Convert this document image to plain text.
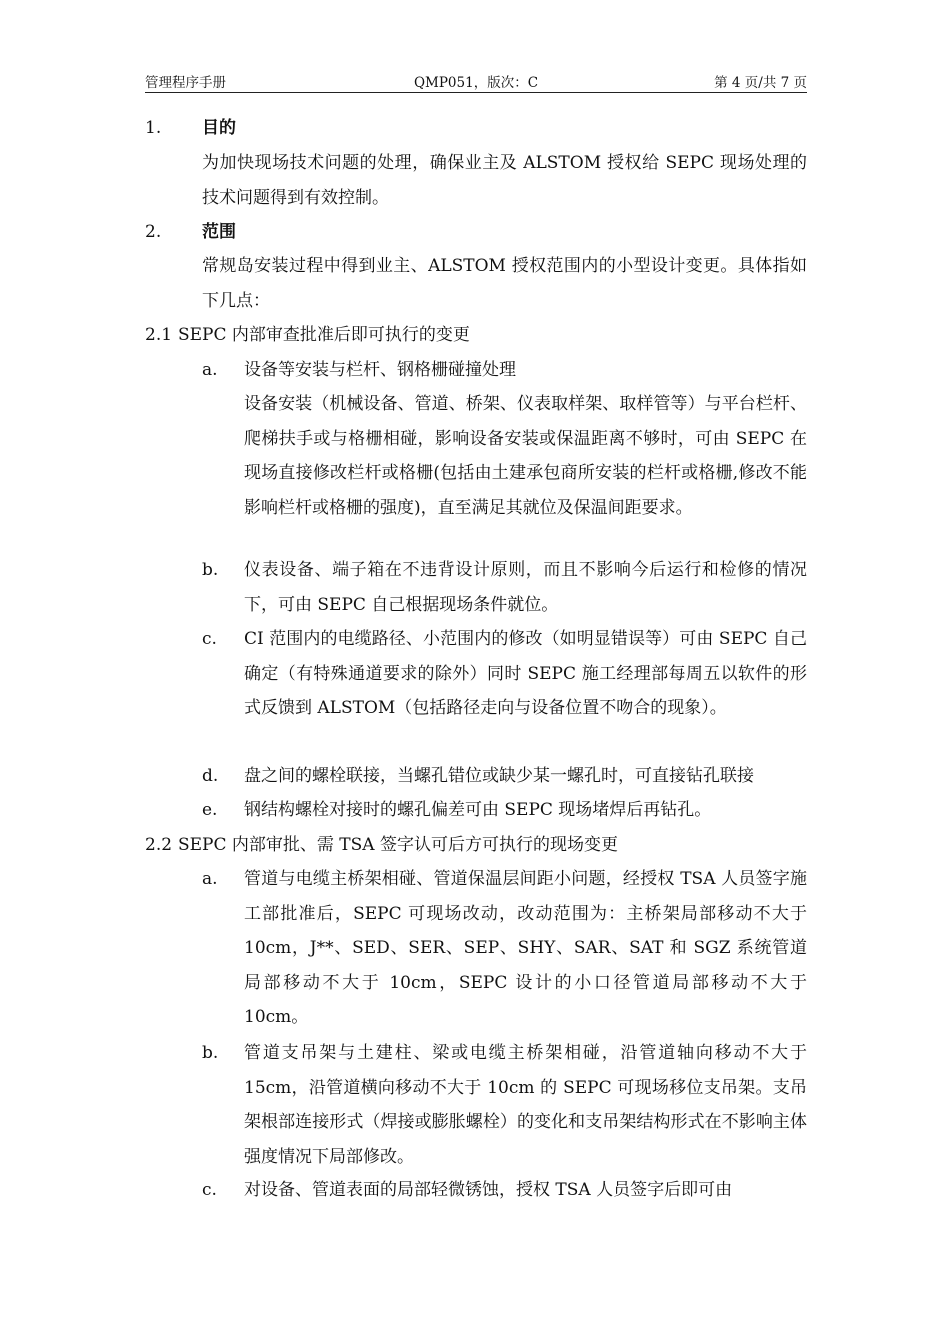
管理程序手册	QMP051，版次：C	第 4 页/共 7 页
1. 目的
为加快现场技术问题的处理，确保业主及 ALSTOM 授权给 SEPC 现场处理的技术问题得到有效控制。
2. 范围
常规岛安装过程中得到业主、ALSTOM 授权范围内的小型设计变更。具体指如下几点：
2.1 SEPC 内部审查批准后即可执行的变更
a. 设备等安装与栏杆、钢格栅碰撞处理
设备安装（机械设备、管道、桥架、仪表取样架、取样管等）与平台栏杆、爬梯扶手或与格栅相碰，影响设备安装或保温距离不够时，可由 SEPC 在现场直接修改栏杆或格栅(包括由土建承包商所安装的栏杆或格栅,修改不能影响栏杆或格栅的强度)，直至满足其就位及保温间距要求。
b. 仪表设备、端子箱在不违背设计原则，而且不影响今后运行和检修的情况下，可由 SEPC 自己根据现场条件就位。
c. CI 范围内的电缆路径、小范围内的修改（如明显错误等）可由 SEPC 自己确定（有特殊通道要求的除外）同时 SEPC 施工经理部每周五以软件的形式反馈到 ALSTOM（包括路径走向与设备位置不吻合的现象）。
d. 盘之间的螺栓联接，当螺孔错位或缺少某一螺孔时，可直接钻孔联接
e. 钢结构螺栓对接时的螺孔偏差可由 SEPC 现场堵焊后再钻孔。
2.2 SEPC 内部审批、需 TSA 签字认可后方可执行的现场变更
a. 管道与电缆主桥架相碰、管道保温层间距小问题，经授权 TSA 人员签字施工部批准后，SEPC 可现场改动，改动范围为：主桥架局部移动不大于 10cm，J**、SED、SER、SEP、SHY、SAR、SAT 和 SGZ 系统管道局部移动不大于 10cm，SEPC 设计的小口径管道局部移动不大于 10cm。
b. 管道支吊架与土建柱、梁或电缆主桥架相碰，沿管道轴向移动不大于 15cm，沿管道横向移动不大于 10cm 的 SEPC 可现场移位支吊架。支吊架根部连接形式（焊接或膨胀螺栓）的变化和支吊架结构形式在不影响主体强度情况下局部修改。
c. 对设备、管道表面的局部轻微锈蚀，授权 TSA 人员签字后即可由
